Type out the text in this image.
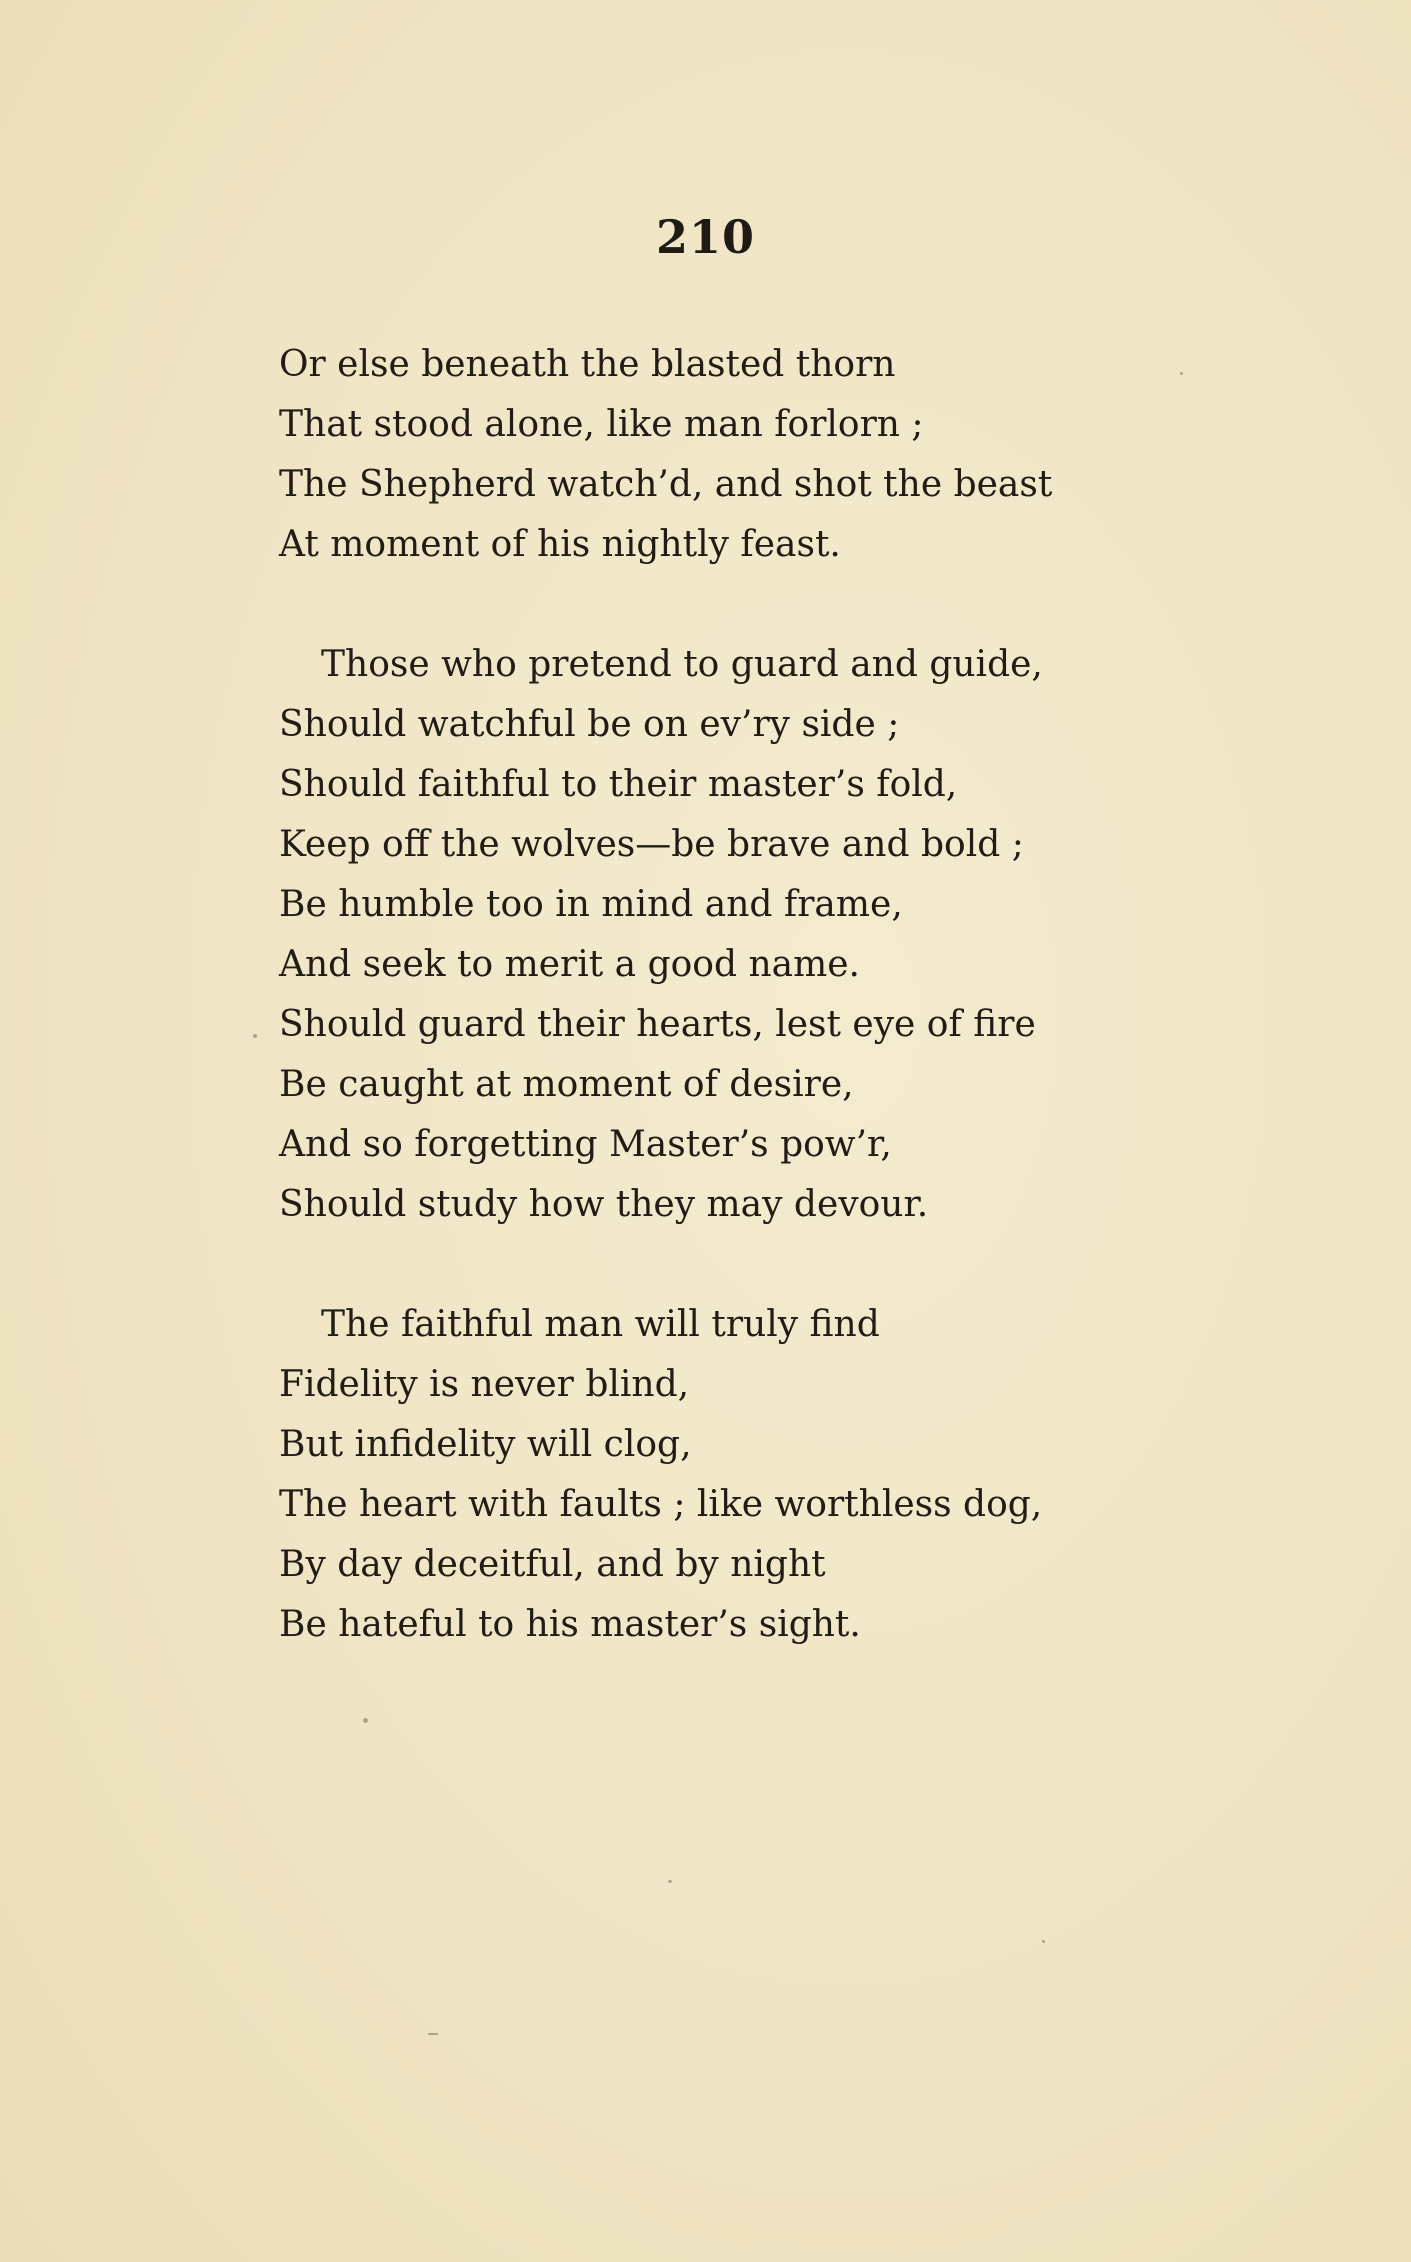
210
Or else beneath the blasted thorn
That stood alone, like man forlorn ;
The Shepherd watch’d, and shot the beast
At moment of his nightly feast.
Those who pretend to guard and guide,
Should watchful be on ev’ry side ;
Should faithful to their master’s fold,
Keep off the wolves—be brave and bold ;
Be humble too in mind and frame,
And seek to merit a good name.
Should guard their hearts, lest eye of fire
Be caught at moment of desire,
And so forgetting Master’s pow’r,
Should study how they may devour.
The faithful man will truly find
Fidelity is never blind,
But infidelity will clog,
The heart with faults ; like worthless dog,
By day deceitful, and by night
Be hateful to his master’s sight.
